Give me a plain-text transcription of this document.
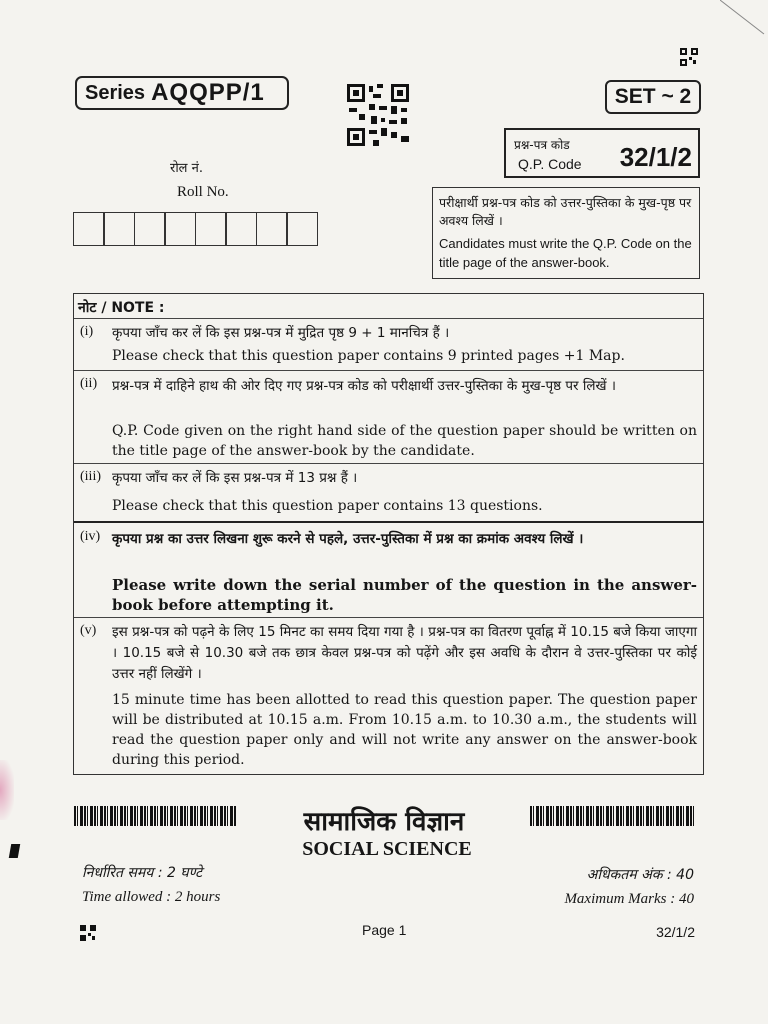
Series AQQPP/1	SET ~ 2
प्रश्न-पत्र कोड
Q.P. Code 32/1/2
रोल नं.
Roll No.
परीक्षार्थी प्रश्न-पत्र कोड को उत्तर-पुस्तिका के मुख-पृष्ठ पर अवश्य लिखें ।
Candidates must write the Q.P. Code on the title page of the answer-book.
नोट / NOTE :
(i) कृपया जाँच कर लें कि इस प्रश्न-पत्र में मुद्रित पृष्ठ 9 + 1 मानचित्र हैं ।
Please check that this question paper contains 9 printed pages +1 Map.
(ii) प्रश्न-पत्र में दाहिने हाथ की ओर दिए गए प्रश्न-पत्र कोड को परीक्षार्थी उत्तर-पुस्तिका के मुख-पृष्ठ पर लिखें ।
Q.P. Code given on the right hand side of the question paper should be written on the title page of the answer-book by the candidate.
(iii) कृपया जाँच कर लें कि इस प्रश्न-पत्र में 13 प्रश्न हैं ।
Please check that this question paper contains 13 questions.
(iv) कृपया प्रश्न का उत्तर लिखना शुरू करने से पहले, उत्तर-पुस्तिका में प्रश्न का क्रमांक अवश्य लिखें ।
Please write down the serial number of the question in the answer-book before attempting it.
(v) इस प्रश्न-पत्र को पढ़ने के लिए 15 मिनट का समय दिया गया है । प्रश्न-पत्र का वितरण पूर्वाह्न में 10.15 बजे किया जाएगा । 10.15 बजे से 10.30 बजे तक छात्र केवल प्रश्न-पत्र को पढ़ेंगे और इस अवधि के दौरान वे उत्तर-पुस्तिका पर कोई उत्तर नहीं लिखेंगे ।
15 minute time has been allotted to read this question paper. The question paper will be distributed at 10.15 a.m. From 10.15 a.m. to 10.30 a.m., the students will read the question paper only and will not write any answer on the answer-book during this period.
सामाजिक विज्ञान
SOCIAL SCIENCE
निर्धारित समय : 2 घण्टे
Time allowed : 2 hours
अधिकतम अंक : 40
Maximum Marks : 40
Page 1	32/1/2
